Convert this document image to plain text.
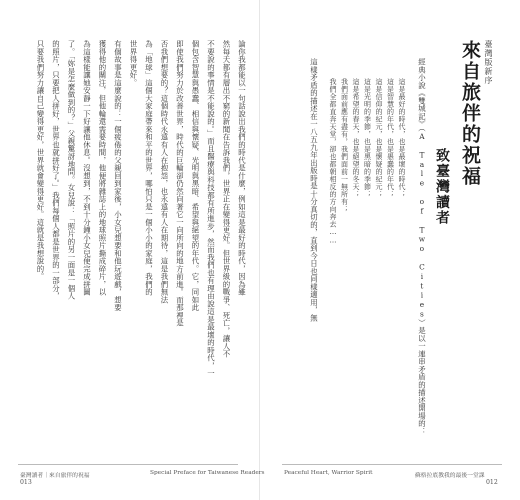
論你我都能以一句話說出我們的時代是什麼，例如這是最好的時代，因為雖
然每天都有層出不窮的新聞在告訴我們，世界正在變得更好。但世界級的戰爭、死亡，讓人不
不要說的事情是不能說的。」而且醫療與科技都有所進步，然而我們也有理由說這是最壞的時代，一
個包含智慧與愚蠢、相信與懷疑、光明與黑暗、希望與絕望的年代。它，同如此
即使我們努力於改善世界，時代的巨輪卻仍然向著它一向所向的地方前進。而那裡是
否我們想要的？這個時代永遠有人在抱怨，也永遠有人在期待，這是我們無法
為「地球」這個大家庭帶來和平的世界，哪怕只是一個小小的家庭，我們的
世界得更好。
有個故事是這麼說的：一個疲倦的父親回到家後，小女兒想要和他玩遊戲，想要
獲得他的關注，但他輪還需要時間，他便將雜誌上的地球照片撕成碎片，以
為這樣能讓她安靜一下好讓他休息。沒想到，不到十分鐘小女兒便完成拼圖
了。「妳是怎麼做到的？」父親驚訝地問。女兒說：「照片的另一面是一個人
的照片，只要把人拼好，世界也就拼好了。」我們每個人都是世界的一部分，
只要我們努力讓自己變得更好，世界就會變得更好。這就是我想說的。	臺灣版新序
來自旅伴的祝福
致臺灣讀者
經典小說《雙城記》（A Tale of Two Cities）是以一連串矛盾的描述開場的：
這是最好的時代，也是最壞的時代；
這是智慧的年代，也是愚蠢的年代；
這是信仰的紀元，也是懷疑的紀元；
這是光明的季節，也是黑暗的季節；
這是希望的春天，也是絕望的冬天；
我們面前應有盡有，我們面前一無所有；
我們全都直奔天堂，卻也都朝相反的方向奔去……
這樣矛盾的描述在一八五九年出版時是十分真切的，直到今日也同樣適用，無
臺灣讀者｜來自旅伴的祝福	Special Preface for Taiwanese Readers
013
Peaceful Heart, Warrior Spirit	蘇格拉底教我的最後一堂課
012
